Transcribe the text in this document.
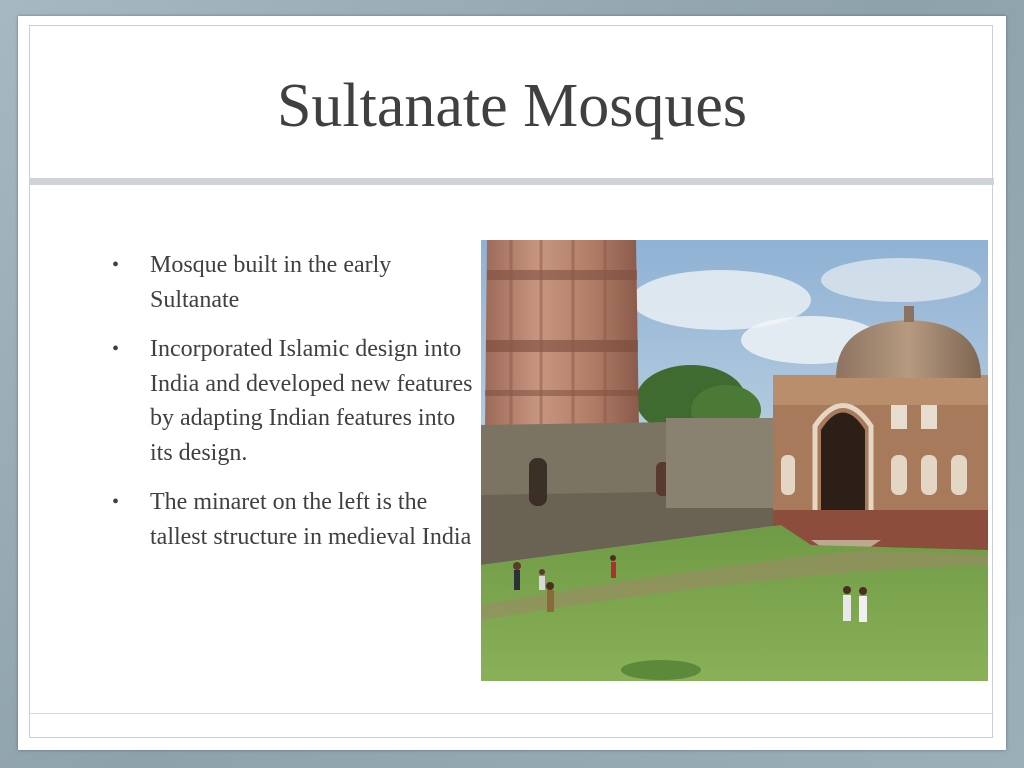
Sultanate Mosques
• Mosque built in the early Sultanate
• Incorporated Islamic design into India and developed new features by adapting Indian features into its design.
• The minaret on the left is the tallest structure in medieval India
